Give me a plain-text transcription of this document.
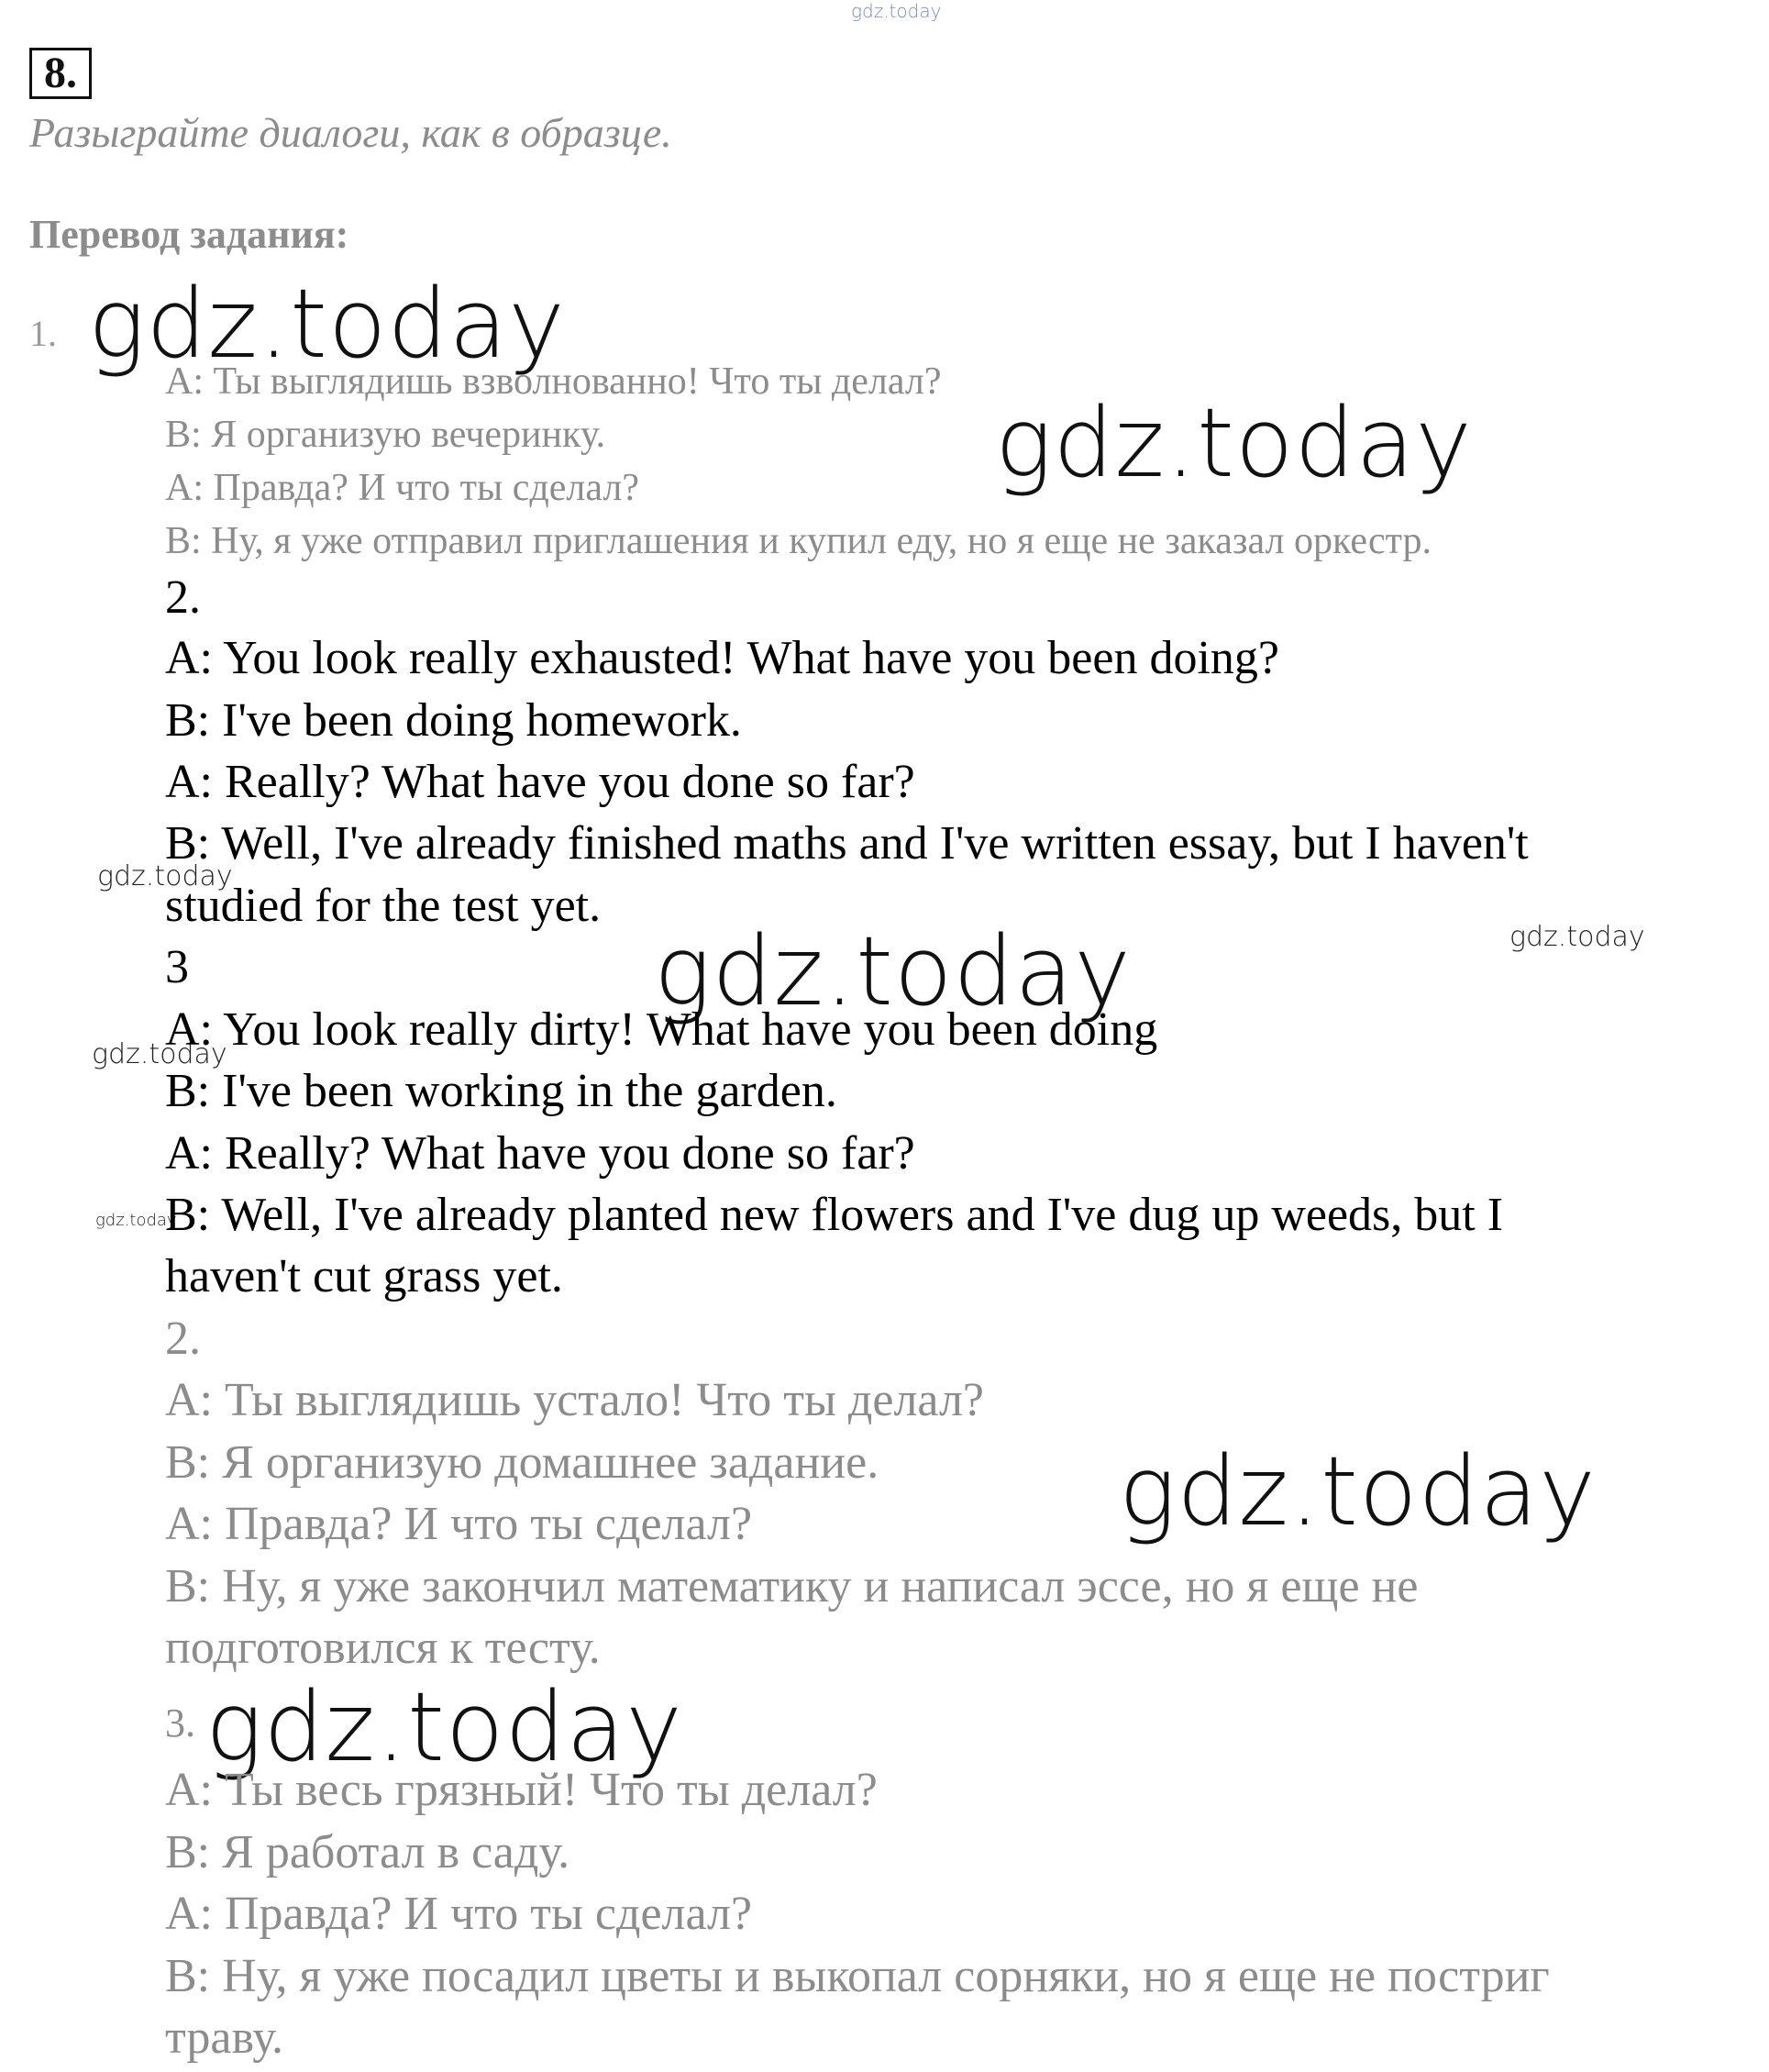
gdz.today
gdz.today
gdz.today
gdz.today
gdz.today	gdz.today
gdz.today
gdz.today
gdz.today
gdz.today
8.
Разыграйте диалоги, как в образце.
Перевод задания:
1.
A: Ты выглядишь взволнованно! Что ты делал?
B: Я организую вечеринку.
A: Правда? И что ты сделал?
B: Ну, я уже отправил приглашения и купил еду, но я еще не заказал оркестр.
2.
A: You look really exhausted! What have you been doing?
B: I've been doing homework.
A: Really? What have you done so far?
B: Well, I've already finished maths and I've written essay, but I haven't
studied for the test yet.
3
A: You look really dirty! What have you been doing
B: I've been working in the garden.
A: Really? What have you done so far?
B: Well, I've already planted new flowers and I've dug up weeds, but I
haven't cut grass yet.
2.
A: Ты выглядишь устало! Что ты делал?
B: Я организую домашнее задание.
A: Правда? И что ты сделал?
B: Ну, я уже закончил математику и написал эссе, но я еще не
подготовился к тесту.
3.
A: Ты весь грязный! Что ты делал?
B: Я работал в саду.
A: Правда? И что ты сделал?
B: Ну, я уже посадил цветы и выкопал сорняки, но я еще не постриг
траву.
